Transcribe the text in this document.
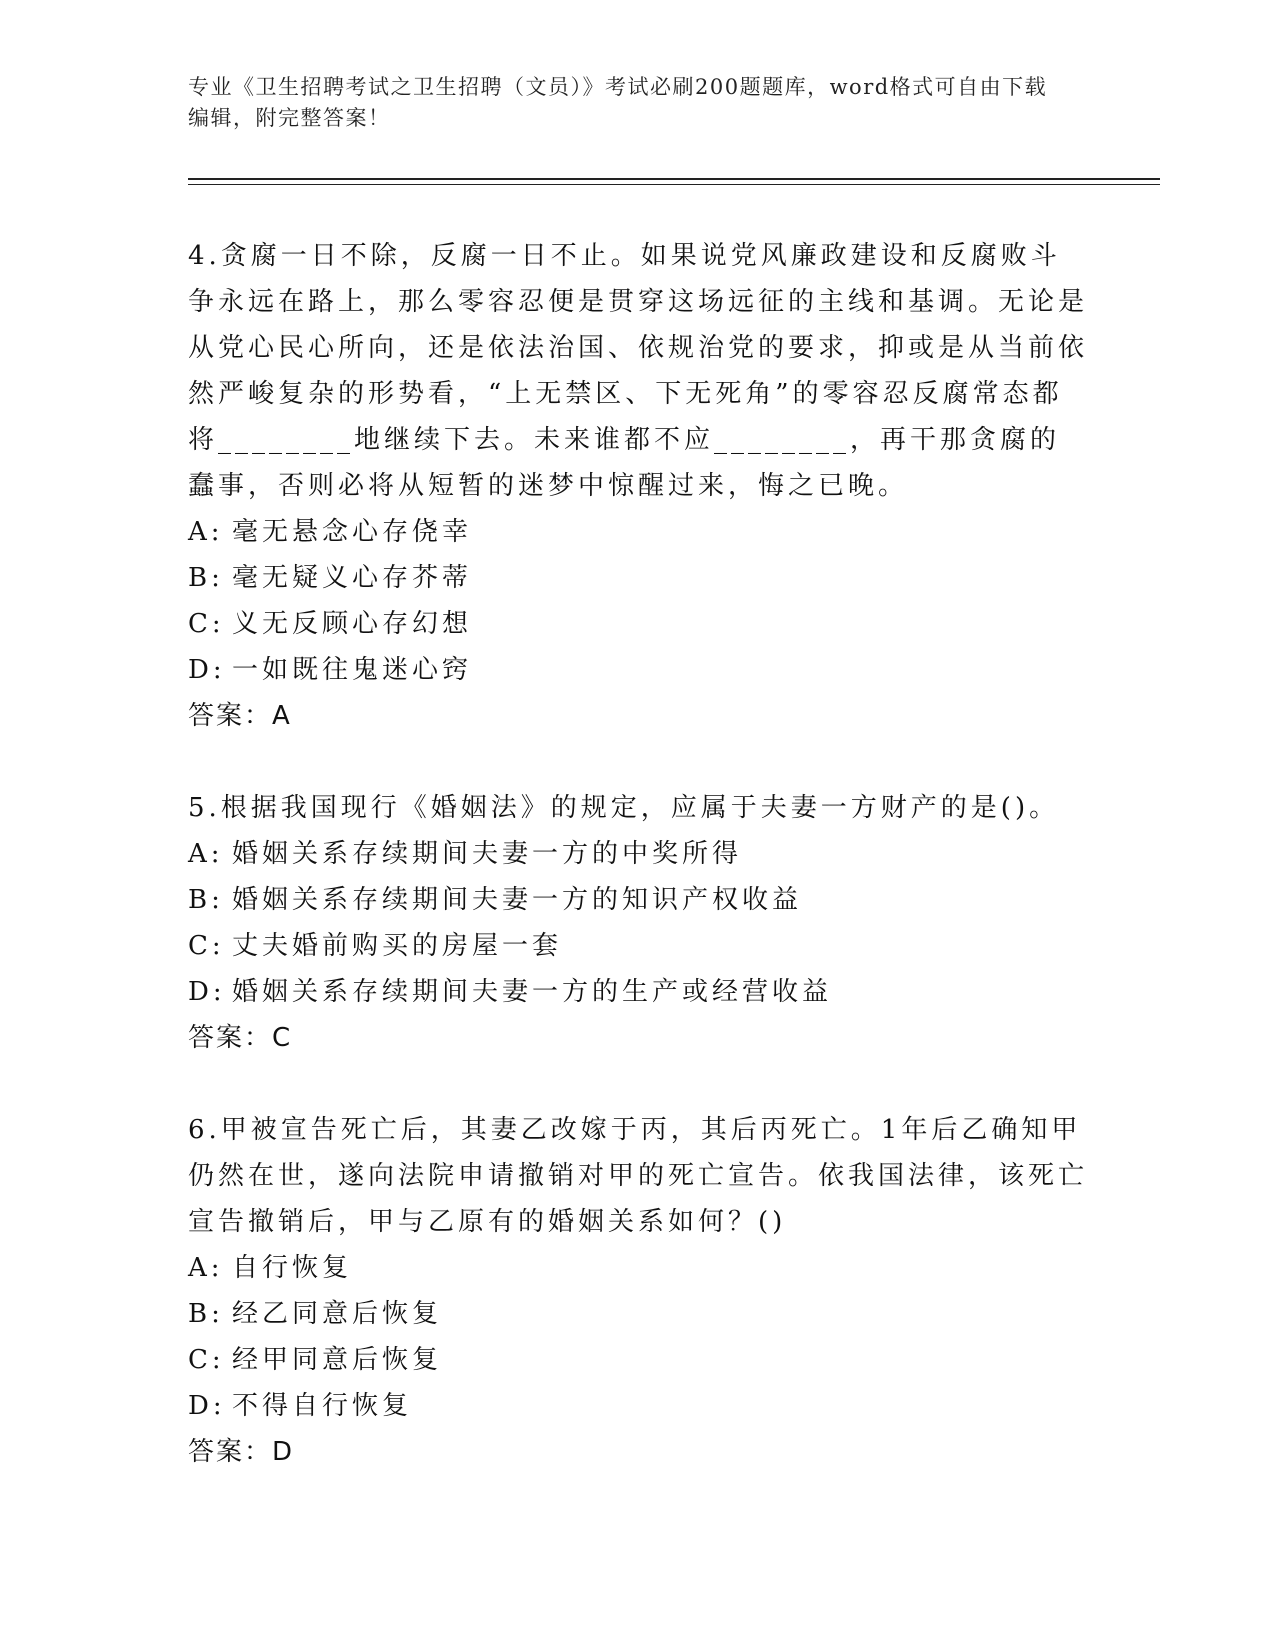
专业《卫生招聘考试之卫生招聘（文员）》考试必刷200题题库，word格式可自由下载编辑，附完整答案！
4.贪腐一日不除，反腐一日不止。如果说党风廉政建设和反腐败斗争永远在路上，那么零容忍便是贯穿这场远征的主线和基调。无论是从党心民心所向，还是依法治国、依规治党的要求，抑或是从当前依然严峻复杂的形势看，“上无禁区、下无死角”的零容忍反腐常态都将________地继续下去。未来谁都不应________，再干那贪腐的蠢事，否则必将从短暂的迷梦中惊醒过来，悔之已晚。
A: 毫无悬念心存侥幸
B: 毫无疑义心存芥蒂
C: 义无反顾心存幻想
D: 一如既往鬼迷心窍
答案：A
5.根据我国现行《婚姻法》的规定，应属于夫妻一方财产的是()。
A: 婚姻关系存续期间夫妻一方的中奖所得
B: 婚姻关系存续期间夫妻一方的知识产权收益
C: 丈夫婚前购买的房屋一套
D: 婚姻关系存续期间夫妻一方的生产或经营收益
答案：C
6.甲被宣告死亡后，其妻乙改嫁于丙，其后丙死亡。1年后乙确知甲仍然在世，遂向法院申请撤销对甲的死亡宣告。依我国法律，该死亡宣告撤销后，甲与乙原有的婚姻关系如何？()
A: 自行恢复
B: 经乙同意后恢复
C: 经甲同意后恢复
D: 不得自行恢复
答案：D
